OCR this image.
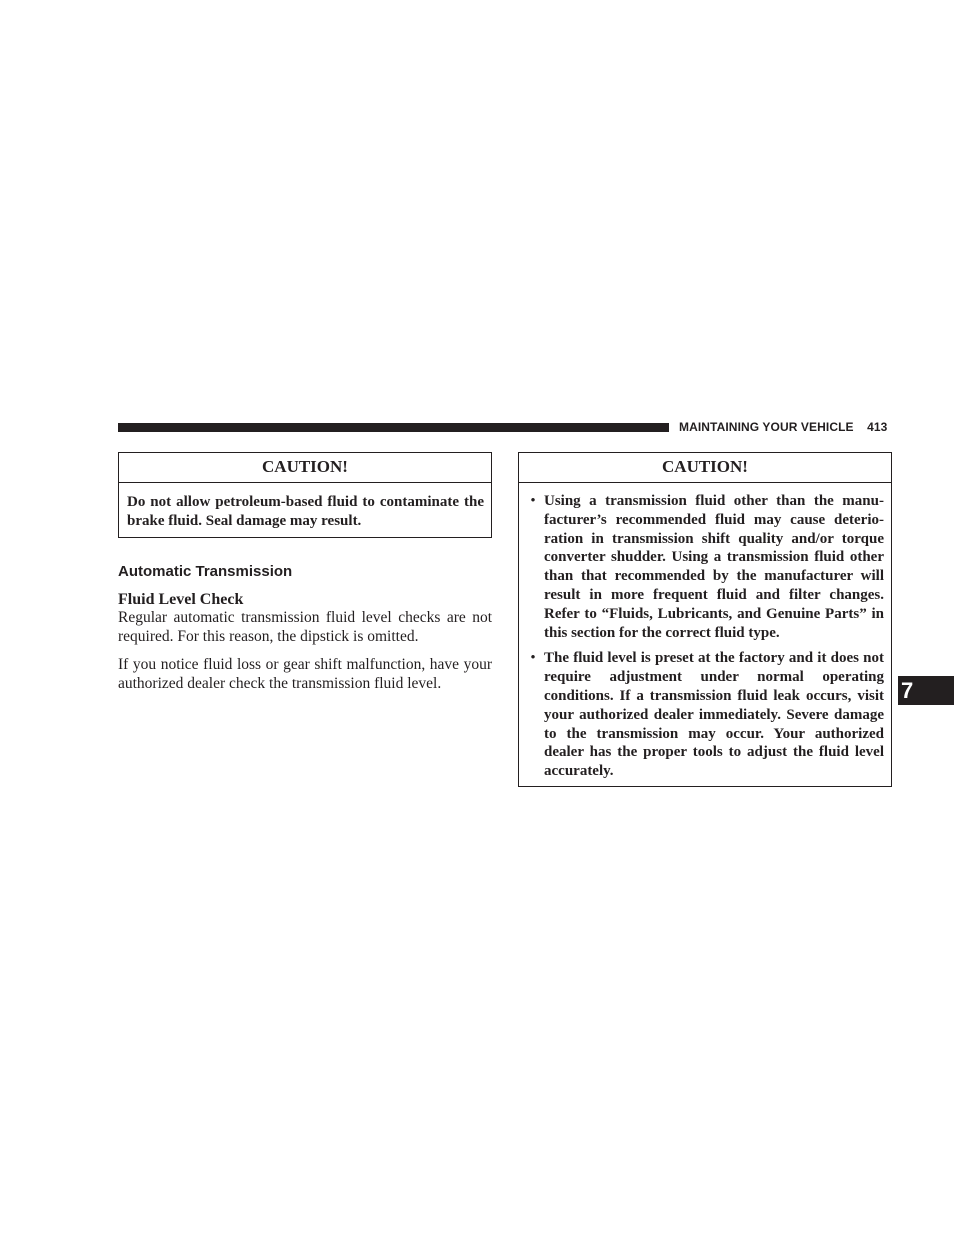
MAINTAINING YOUR VEHICLE 413
CAUTION!
Do not allow petroleum-based fluid to contaminate the brake fluid. Seal damage may result.
Automatic Transmission
Fluid Level Check
Regular automatic transmission fluid level checks are not required. For this reason, the dipstick is omitted.
If you notice fluid loss or gear shift malfunction, have your authorized dealer check the transmission fluid level.
CAUTION!
• Using a transmission fluid other than the manufacturer’s recommended fluid may cause deterioration in transmission shift quality and/or torque converter shudder. Using a transmission fluid other than that recommended by the manufacturer will result in more frequent fluid and filter changes. Refer to “Fluids, Lubricants, and Genuine Parts” in this section for the correct fluid type.
• The fluid level is preset at the factory and it does not require adjustment under normal operating conditions. If a transmission fluid leak occurs, visit your authorized dealer immediately. Severe damage to the transmission may occur. Your authorized dealer has the proper tools to adjust the fluid level accurately.
7
